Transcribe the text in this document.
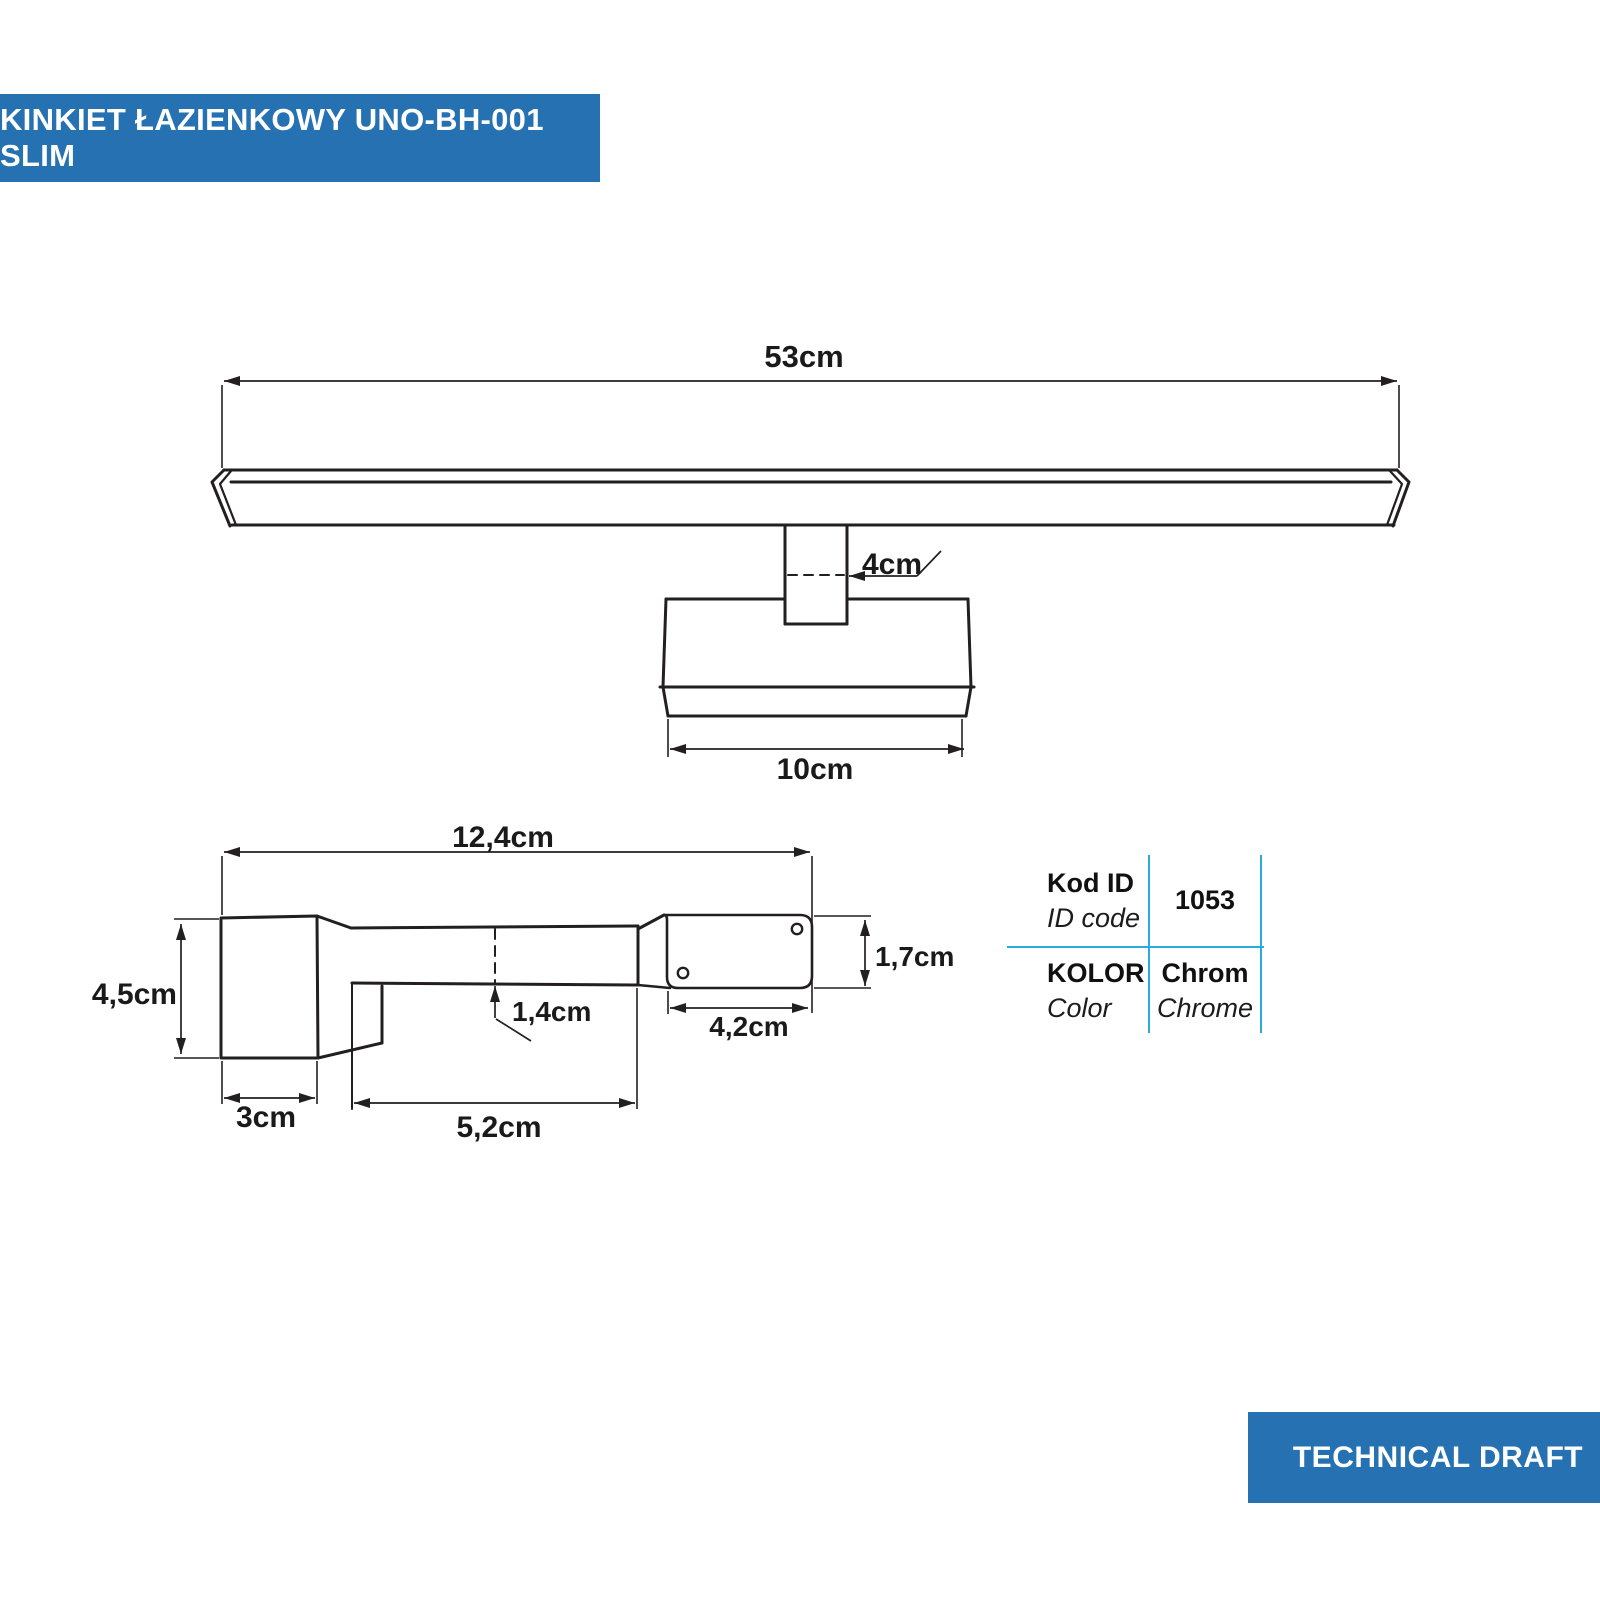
KINKIET ŁAZIENKOWY UNO-BH-001 SLIM
53cm
4cm
10cm
12,4cm
4,5cm
3cm	5,2cm
1,4cm
1,7cm
4,2cm
Kod ID
ID code
1053
KOLOR
Color
Chrom
Chrome
TECHNICAL DRAFT
